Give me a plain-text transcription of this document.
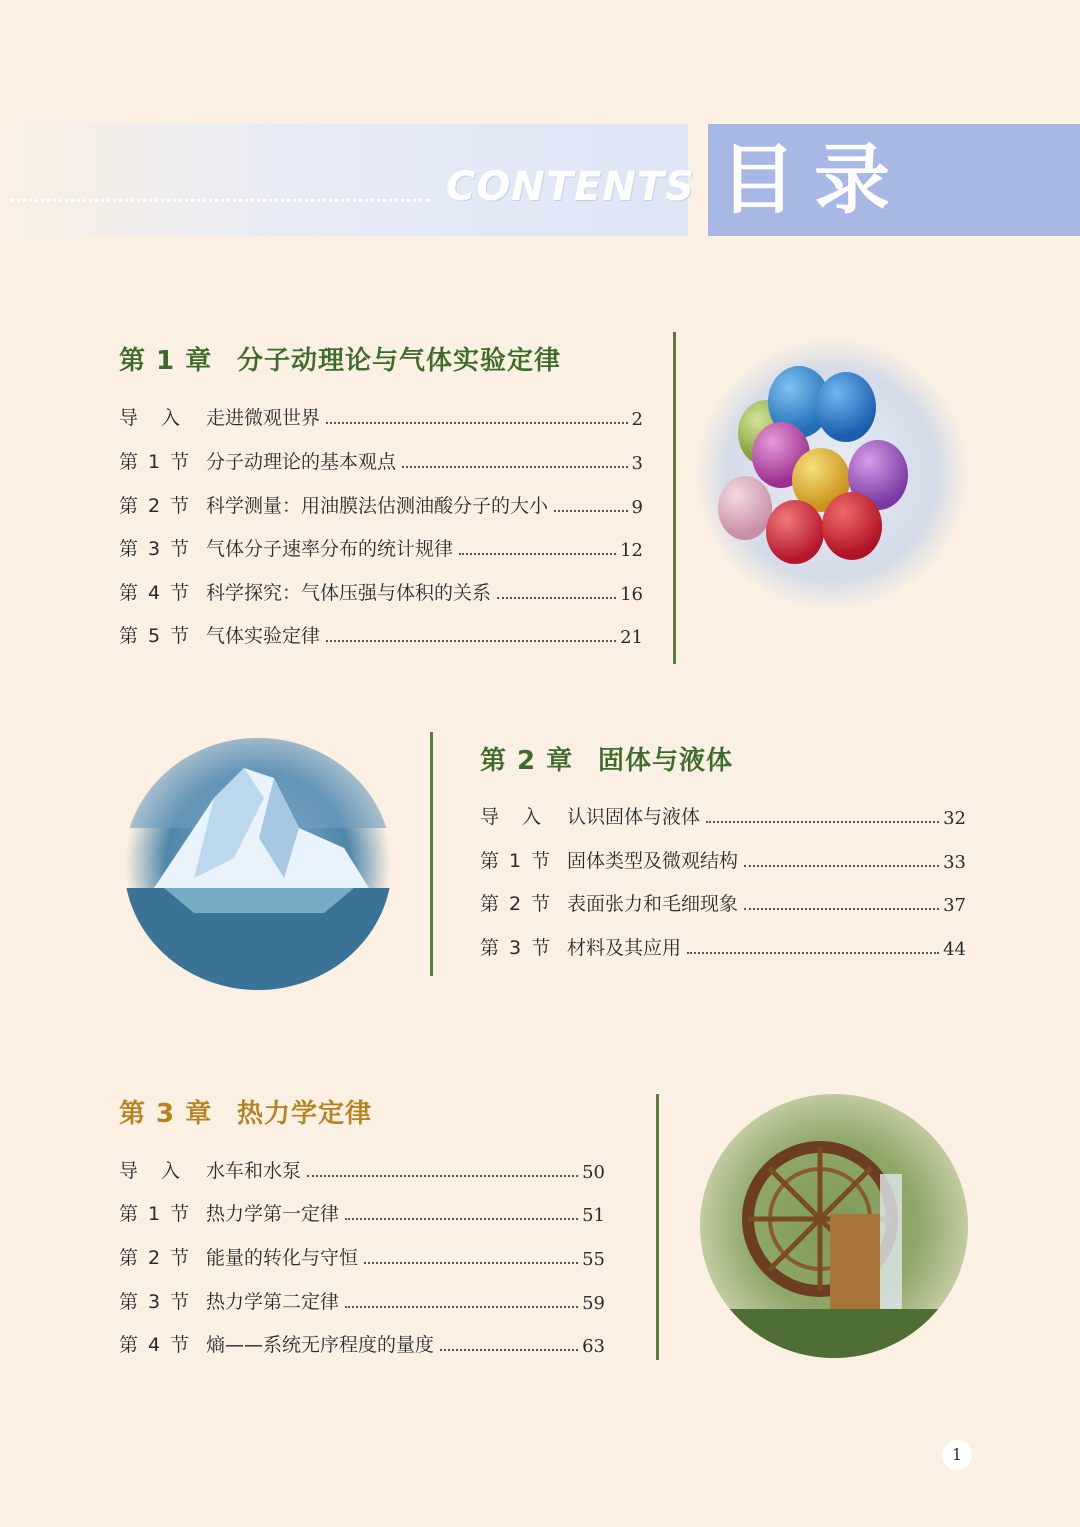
CONTENTS 目录
第 1 章 分子动理论与气体实验定律
导　入	走进微观世界	2
第 1 节 分子动理论的基本观点	3
第 2 节 科学测量：用油膜法估测油酸分子的大小	9
第 3 节 气体分子速率分布的统计规律	12
第 4 节 科学探究：气体压强与体积的关系	16
第 5 节 气体实验定律	21
第 2 章 固体与液体
导　入	认识固体与液体	32
第 1 节 固体类型及微观结构	33
第 2 节 表面张力和毛细现象	37
第 3 节 材料及其应用	44
第 3 章 热力学定律
导　入	水车和水泵	50
第 1 节 热力学第一定律	51
第 2 节 能量的转化与守恒	55
第 3 节 热力学第二定律	59
第 4 节 熵——系统无序程度的量度	63
1
